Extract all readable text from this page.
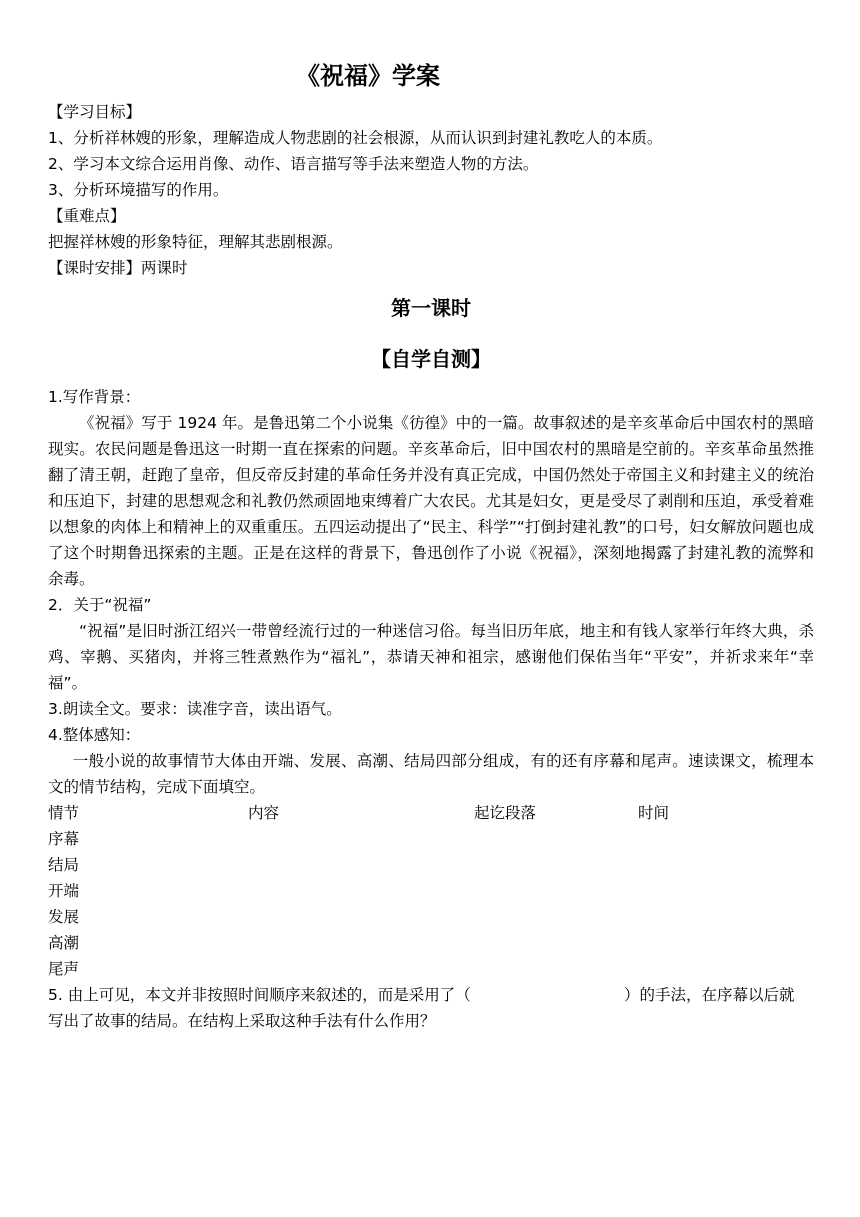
《祝福》学案
【学习目标】
1、分析祥林嫂的形象，理解造成人物悲剧的社会根源，从而认识到封建礼教吃人的本质。
2、学习本文综合运用肖像、动作、语言描写等手法来塑造人物的方法。
3、分析环境描写的作用。
【重难点】
把握祥林嫂的形象特征，理解其悲剧根源。
【课时安排】两课时
第一课时
【自学自测】
1.写作背景：
《祝福》写于 1924 年。是鲁迅第二个小说集《彷徨》中的一篇。故事叙述的是辛亥革命后中国农村的黑暗现实。农民问题是鲁迅这一时期一直在探索的问题。辛亥革命后，旧中国农村的黑暗是空前的。辛亥革命虽然推翻了清王朝，赶跑了皇帝，但反帝反封建的革命任务并没有真正完成，中国仍然处于帝国主义和封建主义的统治和压迫下，封建的思想观念和礼教仍然顽固地束缚着广大农民。尤其是妇女，更是受尽了剥削和压迫，承受着难以想象的肉体上和精神上的双重重压。五四运动提出了“民主、科学”“打倒封建礼教”的口号，妇女解放问题也成了这个时期鲁迅探索的主题。正是在这样的背景下，鲁迅创作了小说《祝福》，深刻地揭露了封建礼教的流弊和余毒。
2．关于“祝福”
“祝福”是旧时浙江绍兴一带曾经流行过的一种迷信习俗。每当旧历年底，地主和有钱人家举行年终大典，杀鸡、宰鹅、买猪肉，并将三牲煮熟作为“福礼”，恭请天神和祖宗，感谢他们保佑当年“平安”，并祈求来年“幸福”。
3.朗读全文。要求：读准字音，读出语气。
4.整体感知：
一般小说的故事情节大体由开端、发展、高潮、结局四部分组成，有的还有序幕和尾声。速读课文，梳理本文的情节结构，完成下面填空。
情节	内容	起讫段落	时间
序幕
结局
开端
发展
高潮
尾声
5. 由上可见，本文并非按照时间顺序来叙述的，而是采用了（	）的手法，在序幕以后就
写出了故事的结局。在结构上采取这种手法有什么作用？
